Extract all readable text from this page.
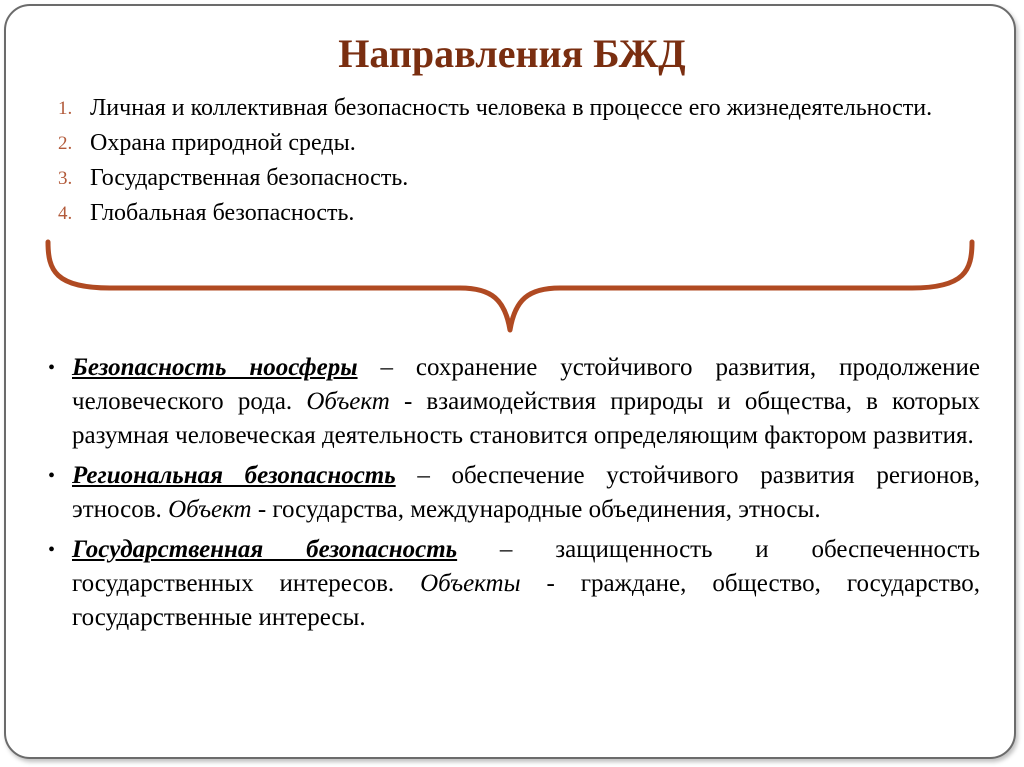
Направления БЖД
1. Личная и коллективная безопасность человека в процессе его жизнедеятельности.
2. Охрана природной среды.
3. Государственная безопасность.
4. Глобальная безопасность.
• Безопасность ноосферы – сохранение устойчивого развития, продолжение человеческого рода. Объект - взаимодействия природы и общества, в которых разумная человеческая деятельность становится определяющим фактором развития.
• Региональная безопасность – обеспечение устойчивого развития регионов, этносов. Объект - государства, международные объединения, этносы.
• Государственная безопасность – защищенность и обеспеченность государственных интересов. Объекты - граждане, общество, государство, государственные интересы.
